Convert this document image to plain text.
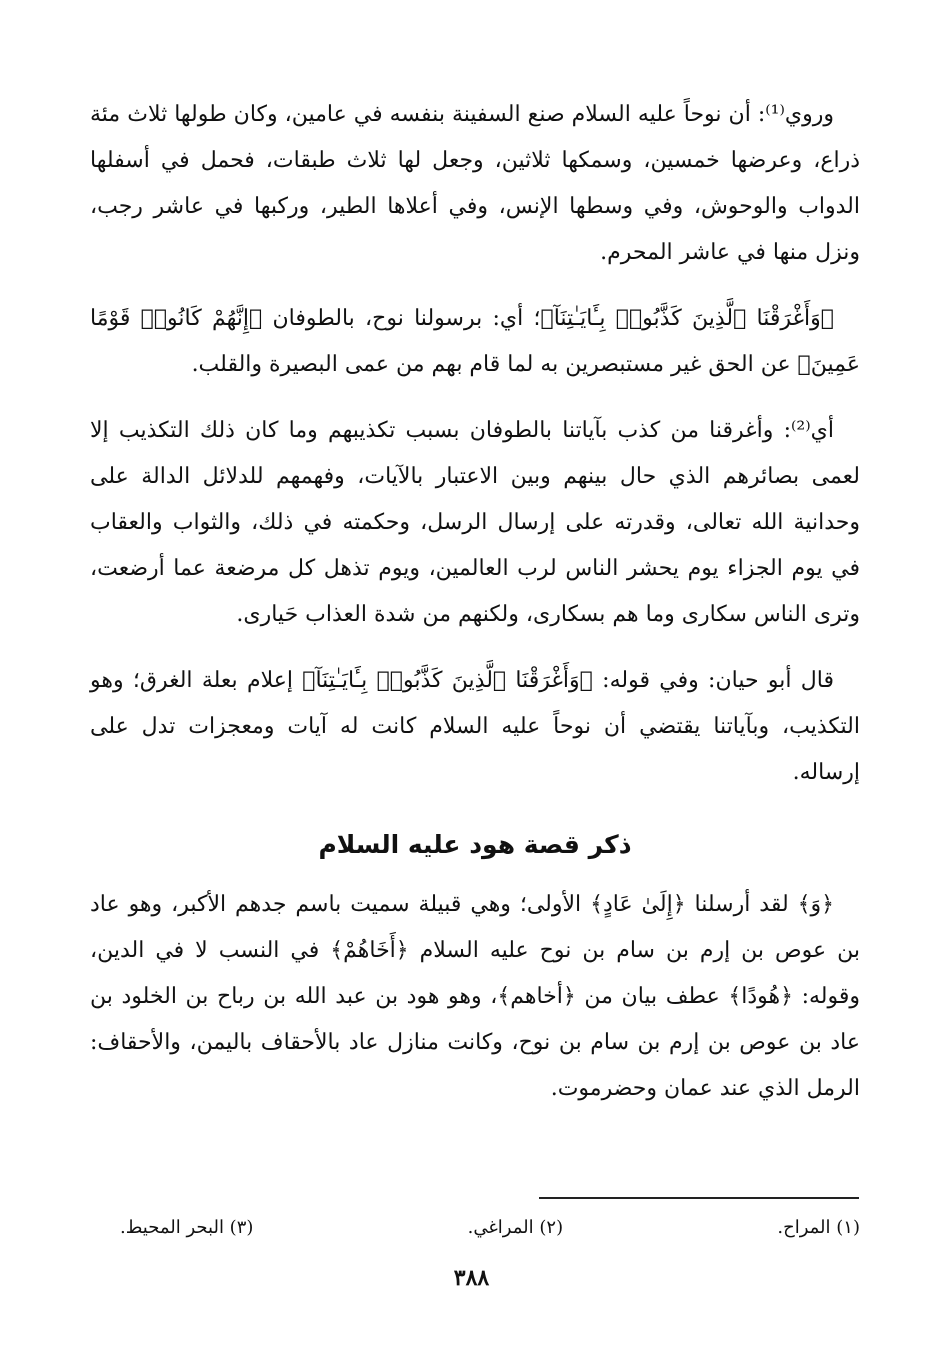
وروي⁽¹⁾: أن نوحاً عليه السلام صنع السفينة بنفسه في عامين، وكان طولها ثلاث مئة ذراع، وعرضها خمسين، وسمكها ثلاثين، وجعل لها ثلاث طبقات، فحمل في أسفلها الدواب والوحوش، وفي وسطها الإنس، وفي أعلاها الطير، وركبها في عاشر رجب، ونزل منها في عاشر المحرم.

﴿وَأَغْرَقْنَا ٱلَّذِينَ كَذَّبُوا۟ بِـَٔايَـٰتِنَآ﴾؛ أي: برسولنا نوح، بالطوفان ﴿إِنَّهُمْ كَانُوا۟ قَوْمًا عَمِينَ﴾ عن الحق غير مستبصرين به لما قام بهم من عمى البصيرة والقلب.

أي⁽²⁾: وأغرقنا من كذب بآياتنا بالطوفان بسبب تكذيبهم وما كان ذلك التكذيب إلا لعمى بصائرهم الذي حال بينهم وبين الاعتبار بالآيات، وفهمهم للدلائل الدالة على وحدانية الله تعالى، وقدرته على إرسال الرسل، وحكمته في ذلك، والثواب والعقاب في يوم الجزاء يوم يحشر الناس لرب العالمين، ويوم تذهل كل مرضعة عما أرضعت، وترى الناس سكارى وما هم بسكارى، ولكنهم من شدة العذاب حَيارى.

قال أبو حيان: وفي قوله: ﴿وَأَغْرَقْنَا ٱلَّذِينَ كَذَّبُوا۟ بِـَٔايَـٰتِنَآ﴾ إعلام بعلة الغرق؛ وهو التكذيب، وبآياتنا يقتضي أن نوحاً عليه السلام كانت له آيات ومعجزات تدل على إرساله.

ذكر قصة هود عليه السلام

﴿وَ﴾ لقد أرسلنا ﴿إِلَىٰ عَادٍ﴾ الأولى؛ وهي قبيلة سميت باسم جدهم الأكبر، وهو عاد بن عوص بن إرم بن سام بن نوح عليه السلام ﴿أَخَاهُمْ﴾ في النسب لا في الدين، وقوله: ﴿هُودًا﴾ عطف بيان من ﴿أخاهم﴾، وهو هود بن عبد الله بن رباح بن الخلود بن عاد بن عوص بن إرم بن سام بن نوح، وكانت منازل عاد بالأحقاف باليمن، والأحقاف: الرمل الذي عند عمان وحضرموت.

(١) المراح.
(٢) المراغي.
(٣) البحر المحيط.
٣٨٨
